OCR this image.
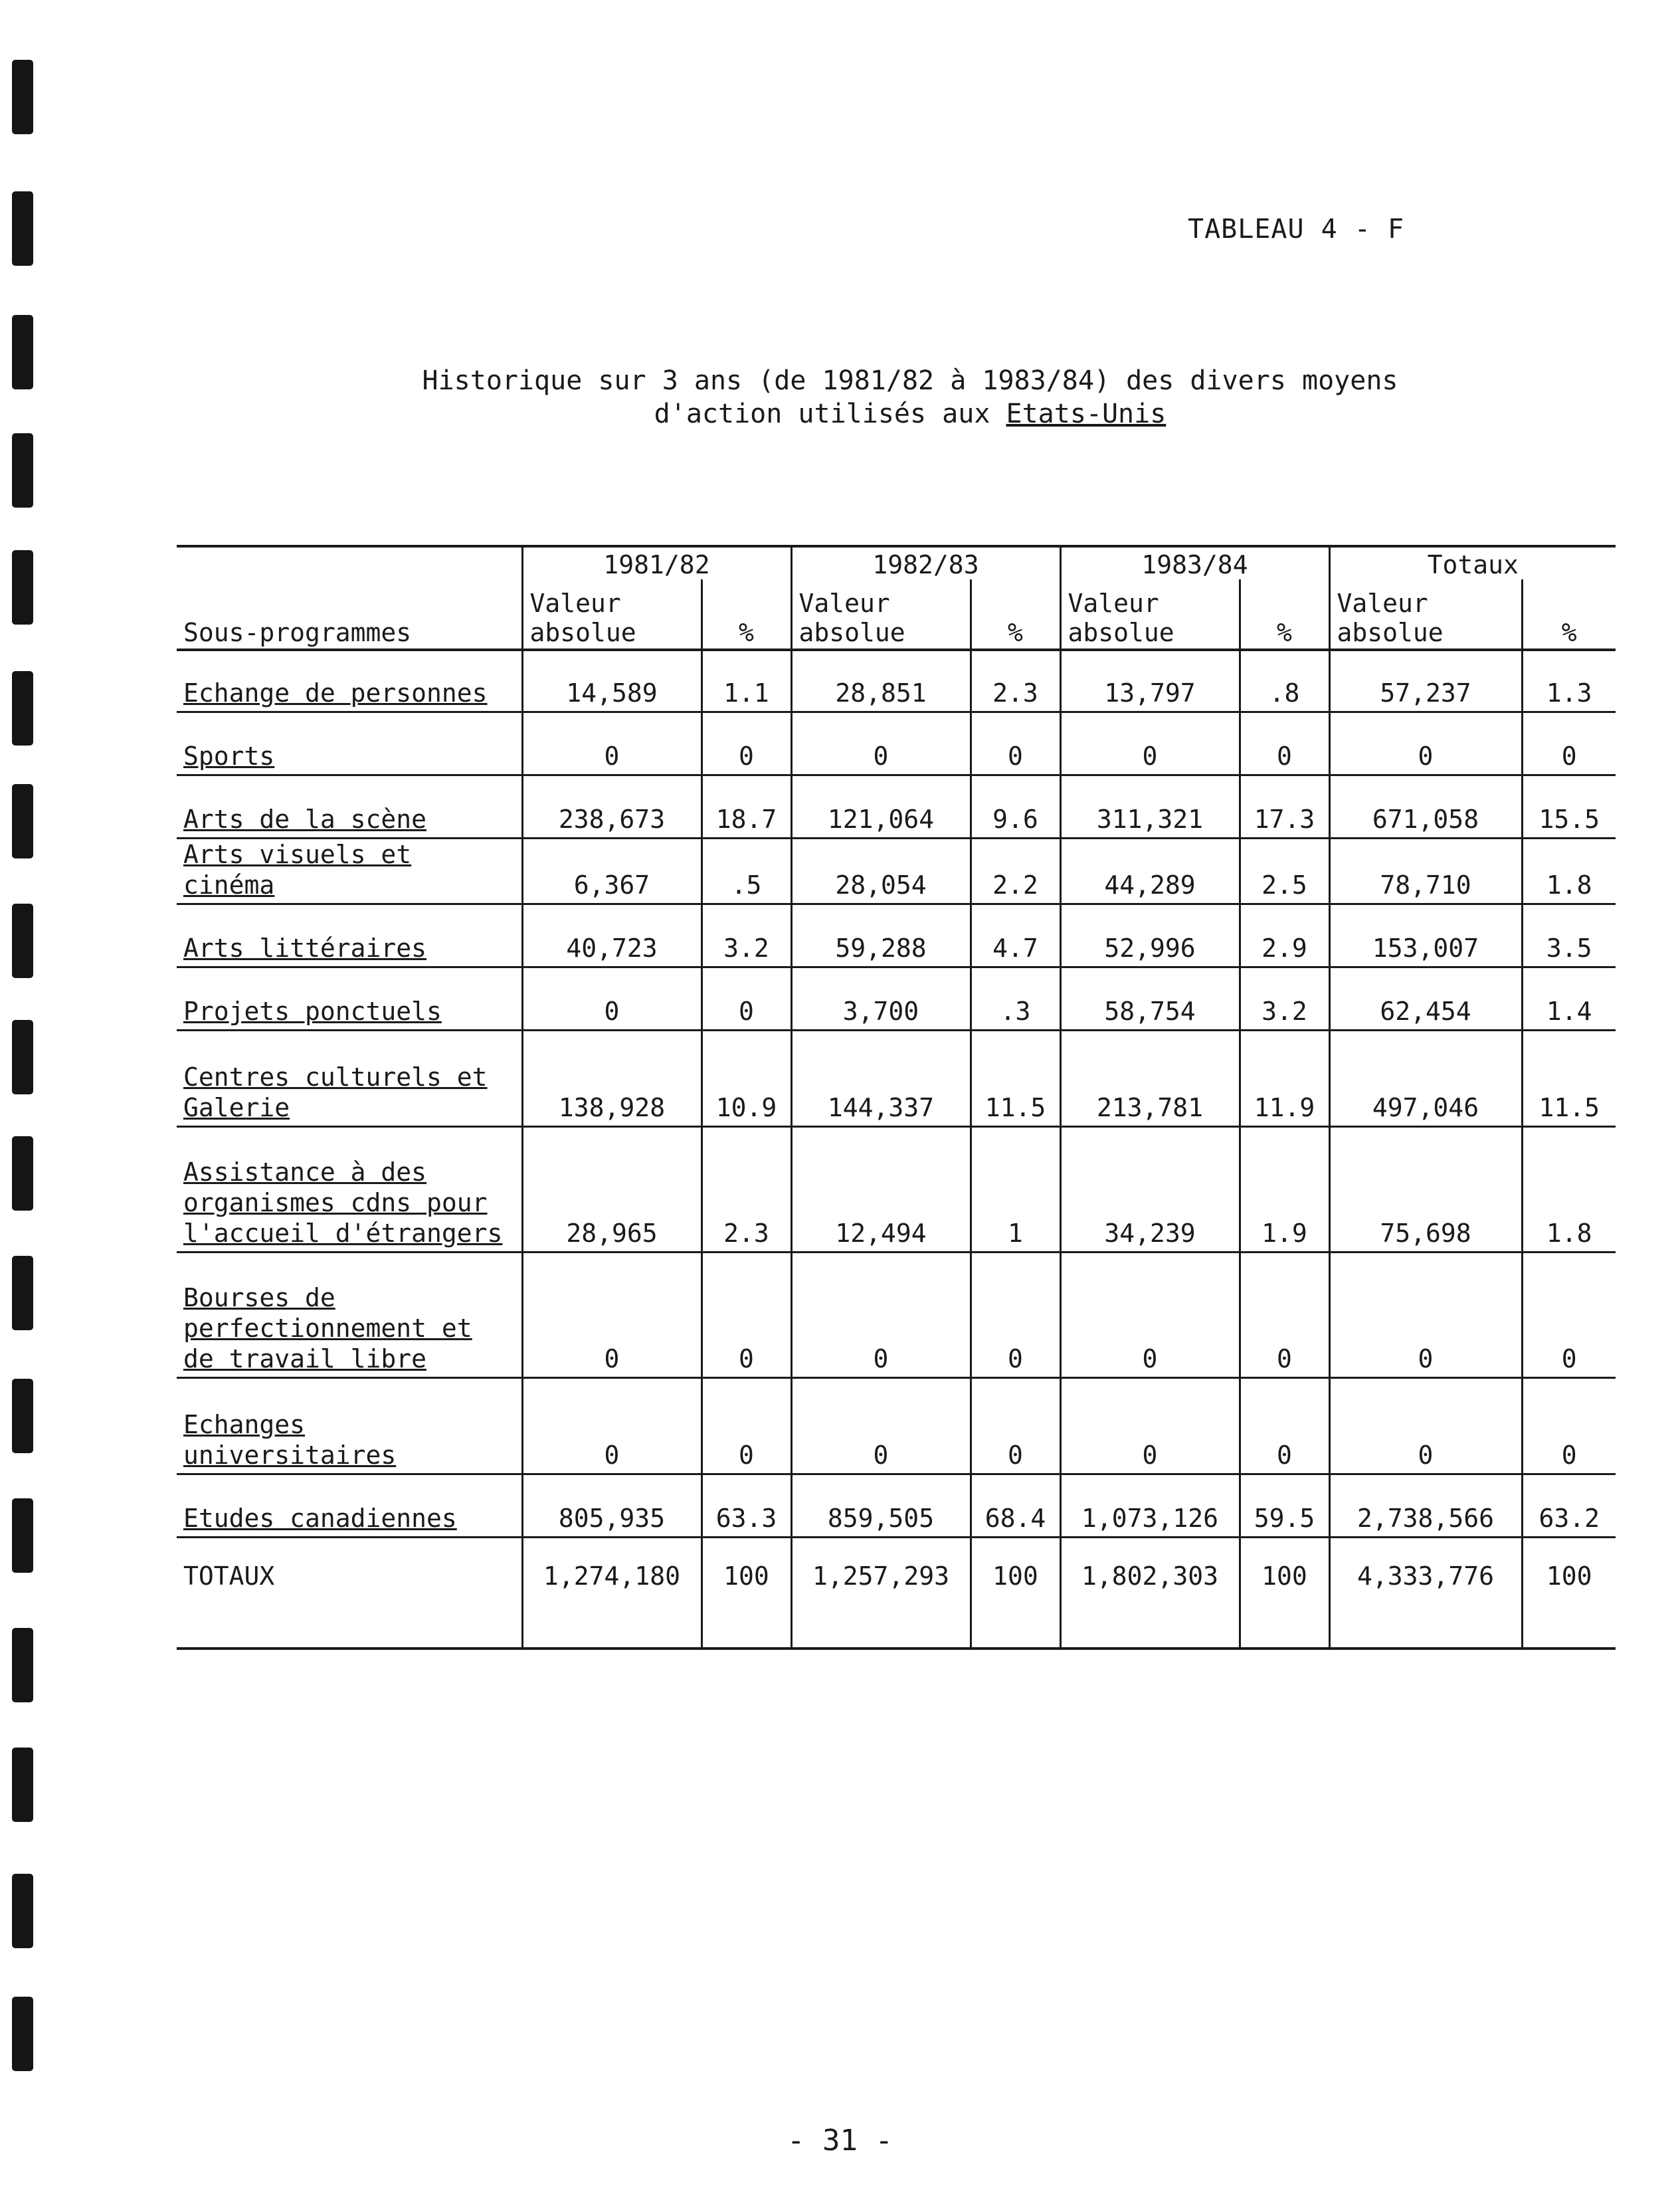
TABLEAU 4 - F
Historique sur 3 ans (de 1981/82 à 1983/84) des divers moyens
d'action utilisés aux Etats-Unis
	1981/82		1982/83		1983/84		Totaux	
Sous-programmes	Valeur absolue	%	Valeur absolue	%	Valeur absolue	%	Valeur absolue	%
Echange de personnes	14,589	1.1	28,851	2.3	13,797	.8	57,237	1.3
Sports	0	0	0	0	0	0	0	0
Arts de la scène	238,673	18.7	121,064	9.6	311,321	17.3	671,058	15.5
Arts visuels et cinéma	6,367	.5	28,054	2.2	44,289	2.5	78,710	1.8
Arts littéraires	40,723	3.2	59,288	4.7	52,996	2.9	153,007	3.5
Projets ponctuels	0	0	3,700	.3	58,754	3.2	62,454	1.4
Centres culturels et Galerie	138,928	10.9	144,337	11.5	213,781	11.9	497,046	11.5
Assistance à des organismes cdns pour l'accueil d'étrangers	28,965	2.3	12,494	1	34,239	1.9	75,698	1.8
Bourses de perfectionnement et de travail libre	0	0	0	0	0	0	0	0
Echanges universitaires	0	0	0	0	0	0	0	0
Etudes canadiennes	805,935	63.3	859,505	68.4	1,073,126	59.5	2,738,566	63.2
TOTAUX	1,274,180	100	1,257,293	100	1,802,303	100	4,333,776	100
- 31 -
